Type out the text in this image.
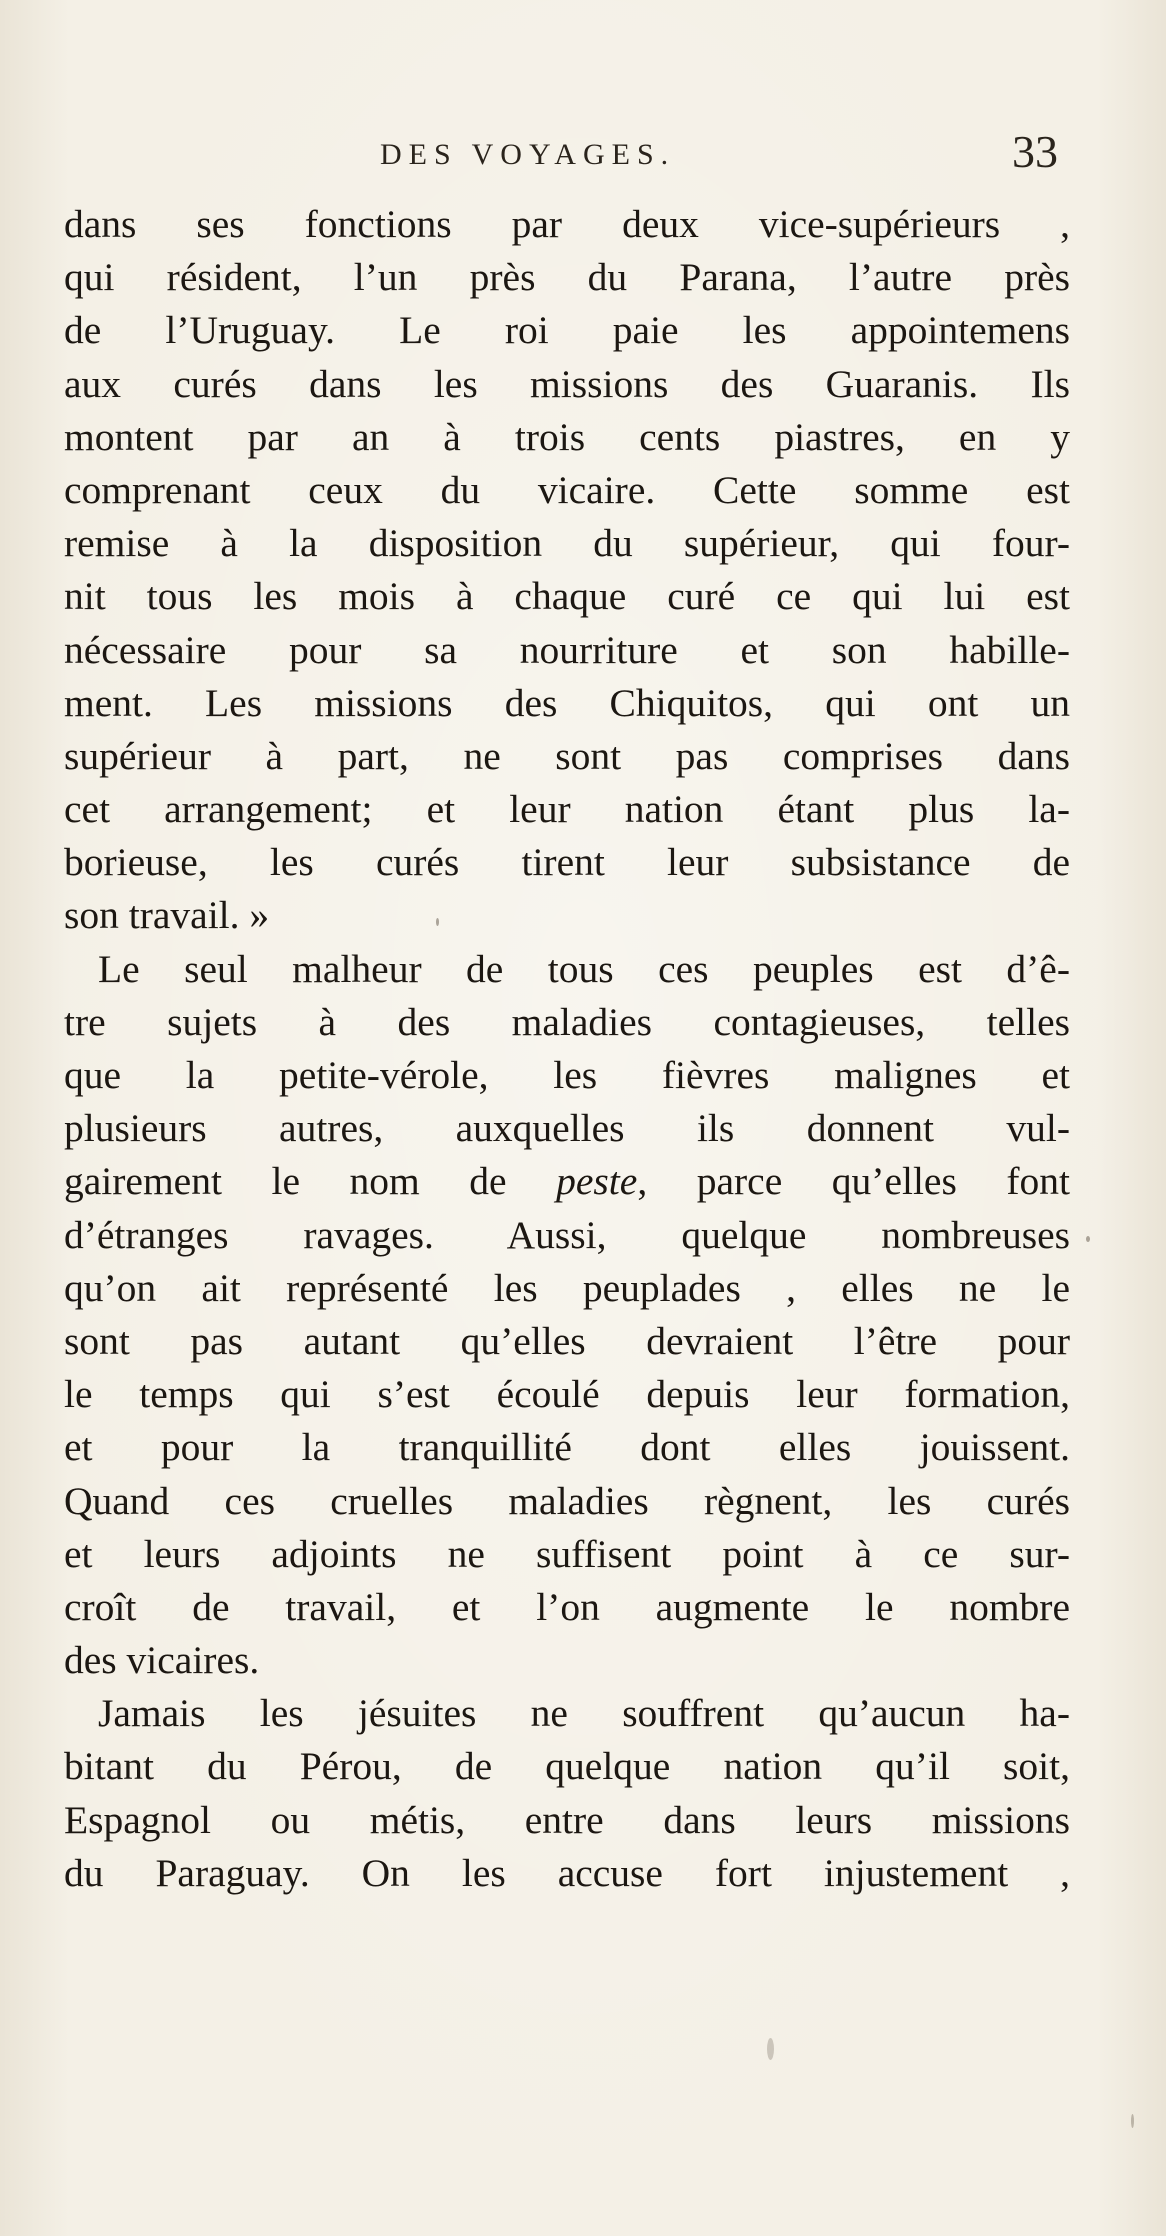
DES VOYAGES.	33
dans ses fonctions par deux vice-supérieurs ,
qui résident, l’un près du Parana, l’autre près
de l’Uruguay. Le roi paie les appointemens
aux curés dans les missions des Guaranis. Ils
montent par an à trois cents piastres, en y
comprenant ceux du vicaire. Cette somme est
remise à la disposition du supérieur, qui four-
nit tous les mois à chaque curé ce qui lui est
nécessaire pour sa nourriture et son habille-
ment. Les missions des Chiquitos, qui ont un
supérieur à part, ne sont pas comprises dans
cet arrangement; et leur nation étant plus la-
borieuse, les curés tirent leur subsistance de
son travail. »
Le seul malheur de tous ces peuples est d’ê-
tre sujets à des maladies contagieuses, telles
que la petite-vérole, les fièvres malignes et
plusieurs autres, auxquelles ils donnent vul-
gairement le nom de peste, parce qu’elles font
d’étranges ravages. Aussi, quelque nombreuses
qu’on ait représenté les peuplades , elles ne le
sont pas autant qu’elles devraient l’être pour
le temps qui s’est écoulé depuis leur formation,
et pour la tranquillité dont elles jouissent.
Quand ces cruelles maladies règnent, les curés
et leurs adjoints ne suffisent point à ce sur-
croît de travail, et l’on augmente le nombre
des vicaires.
Jamais les jésuites ne souffrent qu’aucun ha-
bitant du Pérou, de quelque nation qu’il soit,
Espagnol ou métis, entre dans leurs missions
du Paraguay. On les accuse fort injustement ,
